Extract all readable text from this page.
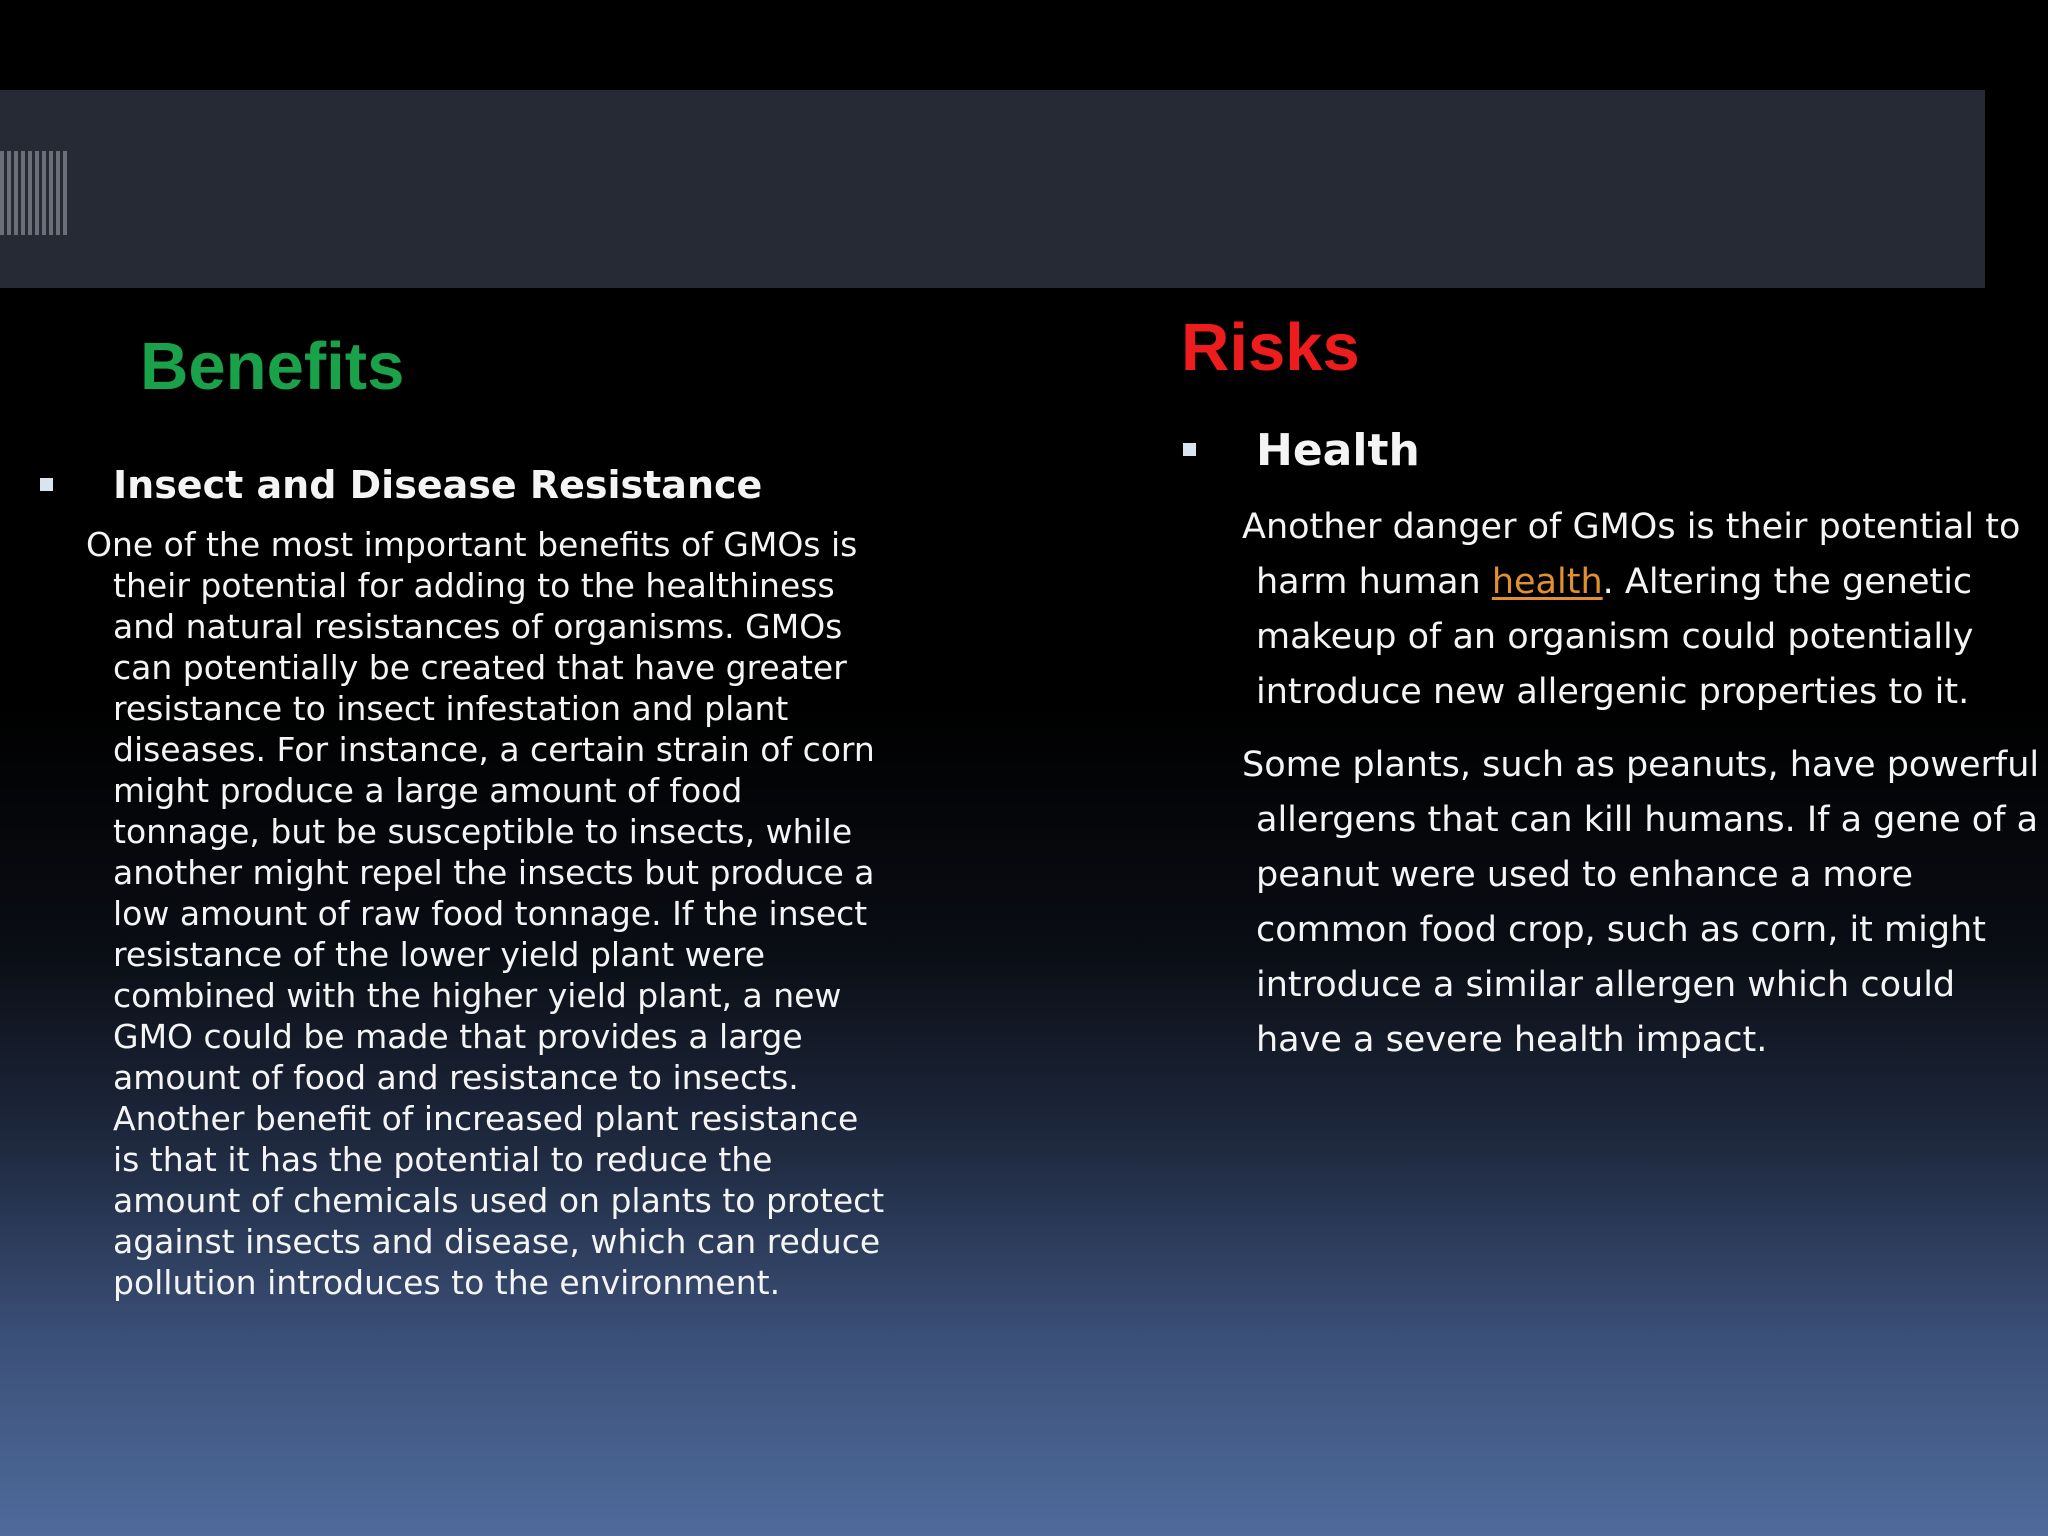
Benefits	Risks
Insect and Disease Resistance

One of the most important benefits of GMOs is their potential for adding to the healthiness and natural resistances of organisms. GMOs can potentially be created that have greater resistance to insect infestation and plant diseases. For instance, a certain strain of corn might produce a large amount of food tonnage, but be susceptible to insects, while another might repel the insects but produce a low amount of raw food tonnage. If the insect resistance of the lower yield plant were combined with the higher yield plant, a new GMO could be made that provides a large amount of food and resistance to insects. Another benefit of increased plant resistance is that it has the potential to reduce the amount of chemicals used on plants to protect against insects and disease, which can reduce pollution introduces to the environment.

Health

Another danger of GMOs is their potential to harm human health. Altering the genetic makeup of an organism could potentially introduce new allergenic properties to it.

Some plants, such as peanuts, have powerful allergens that can kill humans. If a gene of a peanut were used to enhance a more common food crop, such as corn, it might introduce a similar allergen which could have a severe health impact.
